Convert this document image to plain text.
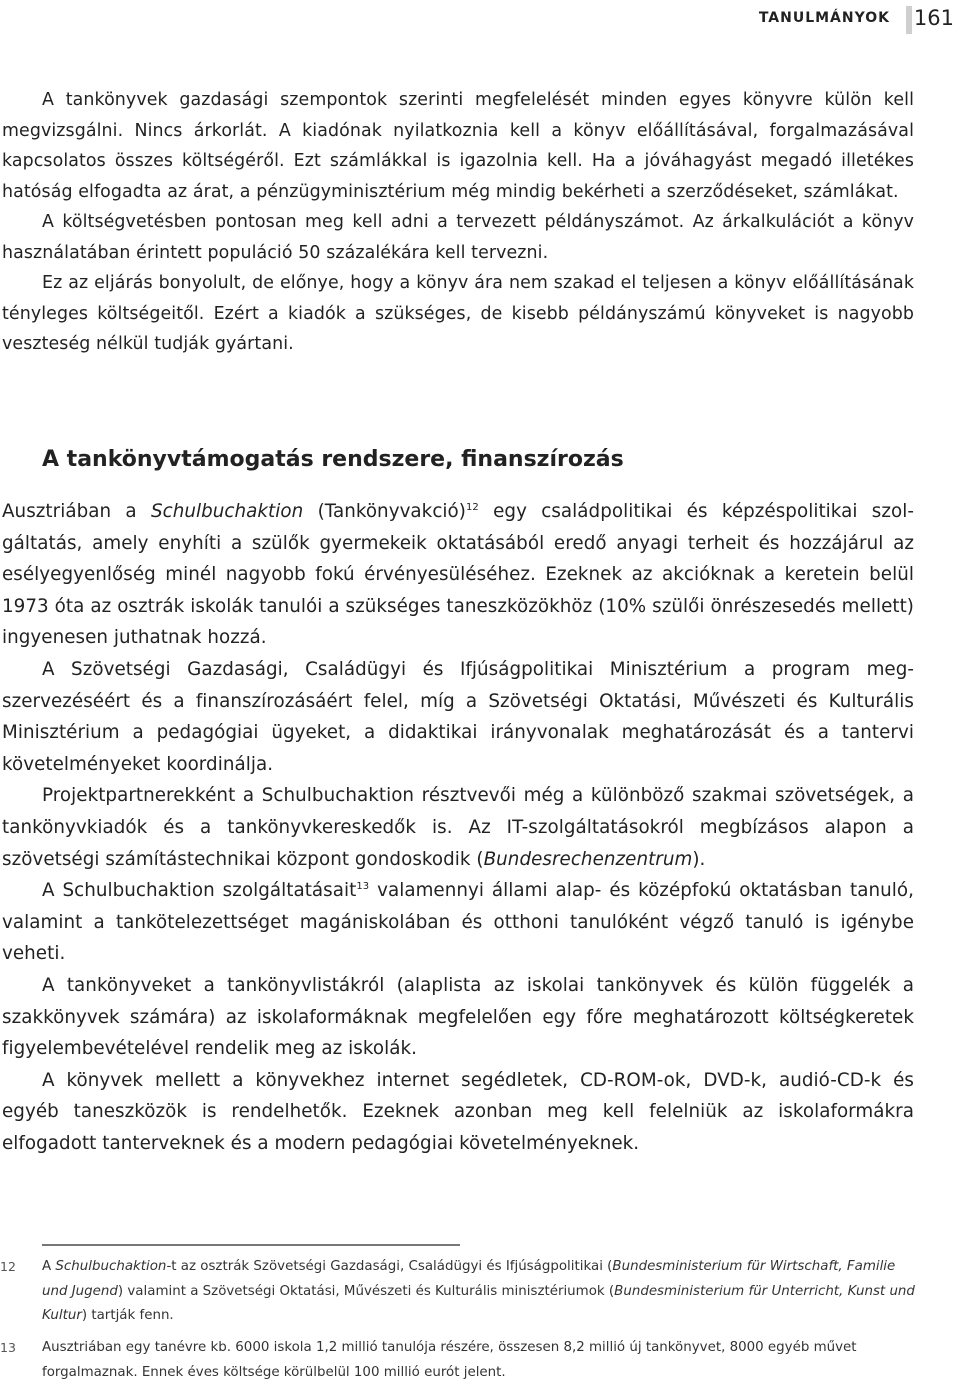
TANULMÁNYOK 161

A tankönyvek gazdasági szempontok szerinti megfelelését minden egyes könyvre külön kell megvizsgálni. Nincs árkorlát. A kiadónak nyilatkoznia kell a könyv előállításával, forgalmazásával kapcsolatos összes költségéről. Ezt számlákkal is igazolnia kell. Ha a jóváhagyást megadó illetékes hatóság elfogadta az árat, a pénzügyminisztérium még mindig bekérheti a szerződéseket, számlákat.

A költségvetésben pontosan meg kell adni a tervezett példányszámot. Az árkalkulációt a könyv használatában érintett populáció 50 százalékára kell tervezni.

Ez az eljárás bonyolult, de előnye, hogy a könyv ára nem szakad el teljesen a könyv előállításának tényleges költségeitől. Ezért a kiadók a szükséges, de kisebb példányszámú könyveket is nagyobb veszteség nélkül tudják gyártani.

A tankönyvtámogatás rendszere, finanszírozás

Ausztriában a Schulbuchaktion (Tankönyvakció)$^{12}$ egy családpolitikai és képzéspolitikai szolgáltatás, amely enyhíti a szülők gyermekeik oktatásából eredő anyagi terheit és hozzájárul az esélyegyenlőség minél nagyobb fokú érvényesüléséhez. Ezeknek az akcióknak a keretein belül 1973 óta az osztrák iskolák tanulói a szükséges taneszközökhöz (10% szülői önrészesedés mellett) ingyenesen juthatnak hozzá.

A Szövetségi Gazdasági, Családügyi és Ifjúságpolitikai Minisztérium a program megszervezéséért és a finanszírozásáért felel, míg a Szövetségi Oktatási, Művészeti és Kulturális Minisztérium a pedagógiai ügyeket, a didaktikai irányvonalak meghatározását és a tantervi követelményeket koordinálja.

Projektpartnerekként a Schulbuchaktion résztvevői még a különböző szakmai szövetségek, a tankönyvkiadók és a tankönyvkereskedők is. Az IT-szolgáltatásokról megbízásos alapon a szövetségi számítástechnikai központ gondoskodik (Bundesrechenzentrum).

A Schulbuchaktion szolgáltatásait$^{13}$ valamennyi állami alap- és középfokú oktatásban tanuló, valamint a tankötelezettséget magániskolában és otthoni tanulóként végző tanuló is igénybe veheti.

A tankönyveket a tankönyvlistákról (alaplista az iskolai tankönyvek és külön függelék a szakkönyvek számára) az iskolaformáknak megfelelően egy főre meghatározott költségkeretek figyelembevételével rendelik meg az iskolák.

A könyvek mellett a könyvekhez internet segédletek, CD-ROM-ok, DVD-k, audió-CD-k és egyéb taneszközök is rendelhetők. Ezeknek azonban meg kell felelniük az iskolaformákra elfogadott tanterveknek és a modern pedagógiai követelményeknek.

12 A Schulbuchaktion-t az osztrák Szövetségi Gazdasági, Családügyi és Ifjúságpolitikai (Bundesministerium für Wirtschaft, Familie und Jugend) valamint a Szövetségi Oktatási, Művészeti és Kulturális minisztériumok (Bundesministerium für Unterricht, Kunst und Kultur) tartják fenn.
13 Ausztriában egy tanévre kb. 6000 iskola 1,2 millió tanulója részére, összesen 8,2 millió új tankönyvet, 8000 egyéb művet forgalmaznak. Ennek éves költsége körülbelül 100 millió eurót jelent.
